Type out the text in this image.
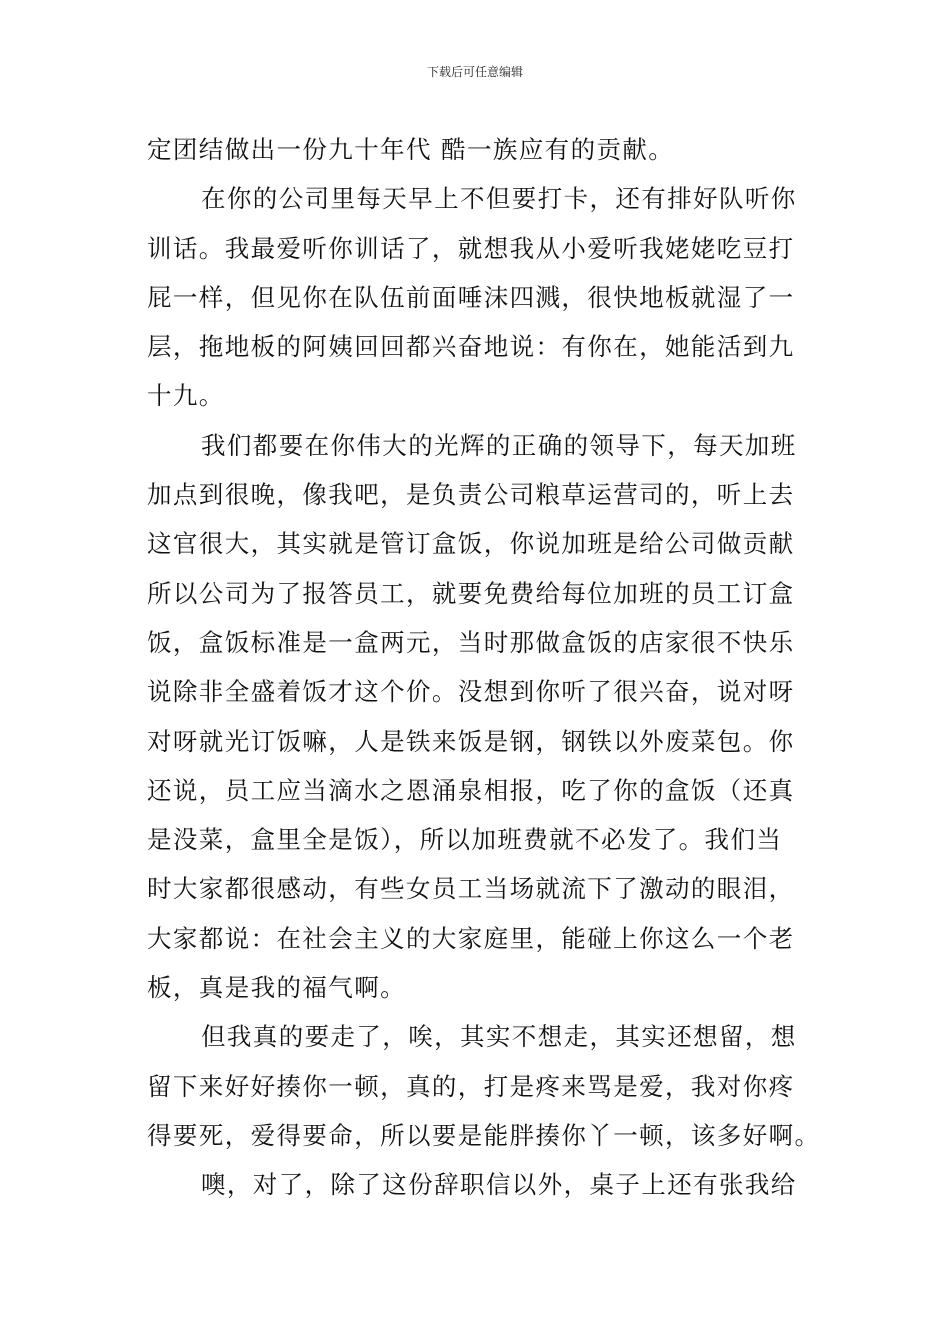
下载后可任意编辑
定团结做出一份九十年代 酷一族应有的贡献。
在你的公司里每天早上不但要打卡，还有排好队听你
训话。我最爱听你训话了，就想我从小爱听我姥姥吃豆打
屁一样，但见你在队伍前面唾沫四溅，很快地板就湿了一
层，拖地板的阿姨回回都兴奋地说：有你在，她能活到九
十九。
我们都要在你伟大的光辉的正确的领导下，每天加班
加点到很晚，像我吧，是负责公司粮草运营司的，听上去
这官很大，其实就是管订盒饭，你说加班是给公司做贡献
所以公司为了报答员工，就要免费给每位加班的员工订盒
饭，盒饭标准是一盒两元，当时那做盒饭的店家很不快乐
说除非全盛着饭才这个价。没想到你听了很兴奋，说对呀
对呀就光订饭嘛，人是铁来饭是钢，钢铁以外废菜包。你
还说，员工应当滴水之恩涌泉相报，吃了你的盒饭（还真
是没菜，盒里全是饭），所以加班费就不必发了。我们当
时大家都很感动，有些女员工当场就流下了激动的眼泪，
大家都说：在社会主义的大家庭里，能碰上你这么一个老
板，真是我的福气啊。
但我真的要走了，唉，其实不想走，其实还想留，想
留下来好好揍你一顿，真的，打是疼来骂是爱，我对你疼
得要死，爱得要命，所以要是能胖揍你丫一顿，该多好啊。
噢，对了，除了这份辞职信以外，桌子上还有张我给
